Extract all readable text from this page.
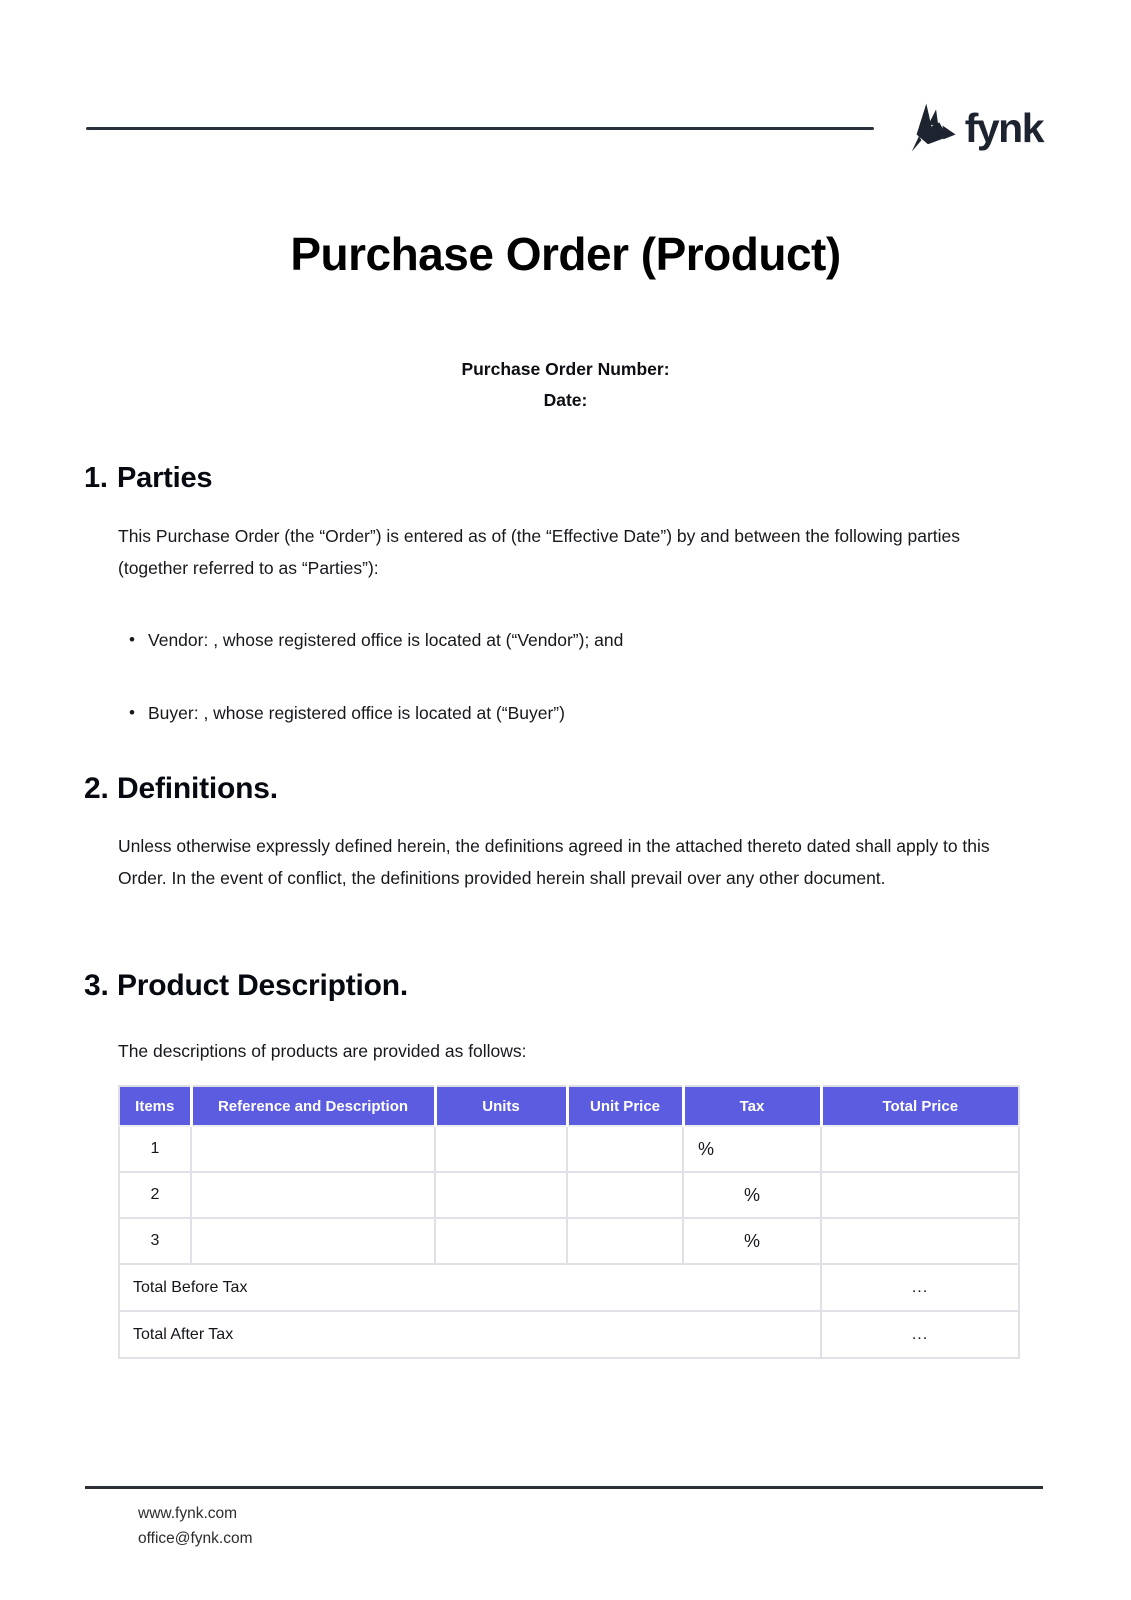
fynk
Purchase Order (Product)
Purchase Order Number:
Date:
1. Parties
This Purchase Order (the “Order”) is entered as of (the “Effective Date”) by and between the following parties (together referred to as “Parties”):
• Vendor: , whose registered office is located at (“Vendor”); and
• Buyer: , whose registered office is located at (“Buyer”)
2. Definitions.
Unless otherwise expressly defined herein, the definitions agreed in the attached thereto dated shall apply to this Order. In the event of conflict, the definitions provided herein shall prevail over any other document.
3. Product Description.
The descriptions of products are provided as follows:
Items	Reference and Description	Units	Unit Price	Tax	Total Price
1				%	
2				%	
3				%	
Total Before Tax					...
Total After Tax					...
www.fynk.com
office@fynk.com
